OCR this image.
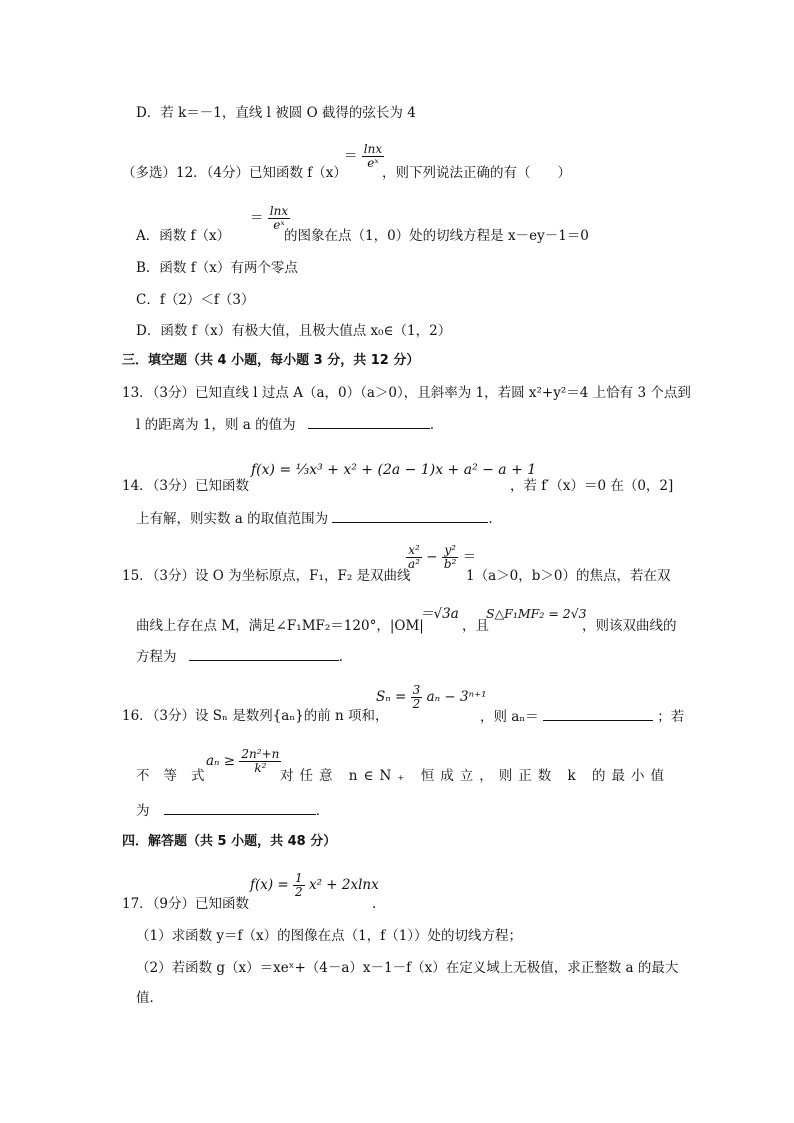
D．若 k＝－1，直线 l 被圆 O 截得的弦长为 4
（多选）12．（4分）已知函数 f（x）
＝ $\frac{\ln x}{\text{eˣ}}$
，则下列说法正确的有（　　）
A．函数 f（x）
＝ $\frac{\ln x}{\text{eˣ}}$
的图象在点（1，0）处的切线方程是 x－ey－1＝0
B．函数 f（x）有两个零点
C．f（2）＜f（3）
D．函数 f（x）有极大值，且极大值点 x₀∈（1，2）
三．填空题（共 4 小题，每小题 3 分，共 12 分）
13．（3分）已知直线 l 过点 A（a，0）（a＞0），且斜率为 1，若圆 x²+y²＝4 上恰有 3 个点到
l 的距离为 1，则 a 的值为	．
14．（3分）已知函数
f(x) = ⅓x³ + x² + (2a − 1)x + a² − a + 1
，若 f′（x）＝0 在（0，2]
上有解，则实数 a 的取值范围为	．
15．（3分）设 O 为坐标原点，F₁，F₂ 是双曲线
$\frac{\text{x²}}{\text{a²}} - \frac{\text{y²}}{\text{b²}}$ ＝
1（a＞0，b＞0）的焦点，若在双
曲线上存在点 M，满足∠F₁MF₂＝120°，|OM|
＝√3a
，且
S△F₁MF₂ = 2√3
，则该双曲线的
方程为	．
16．（3分）设 Sₙ 是数列{aₙ}的前 n 项和，
$S_n = \frac{3}{2}$ aₙ − 3ⁿ⁺¹
，则 aₙ＝	；若
$a_n \ge \frac{\text{2n²+n}}{\text{k²}}$
不等式	对任意 n∈N₊ 恒成立，则正数 k 的最小值
为	．
四．解答题（共 5 小题，共 48 分）
17．（9分）已知函数
$f(x) = \frac{1}{2} x^2 + 2xlnx$
.
（1）求函数 y＝f（x）的图像在点（1，f（1））处的切线方程；
（2）若函数 g（x）＝xeˣ+（4－a）x－1－f（x）在定义域上无极值，求正整数 a 的最大
值．
